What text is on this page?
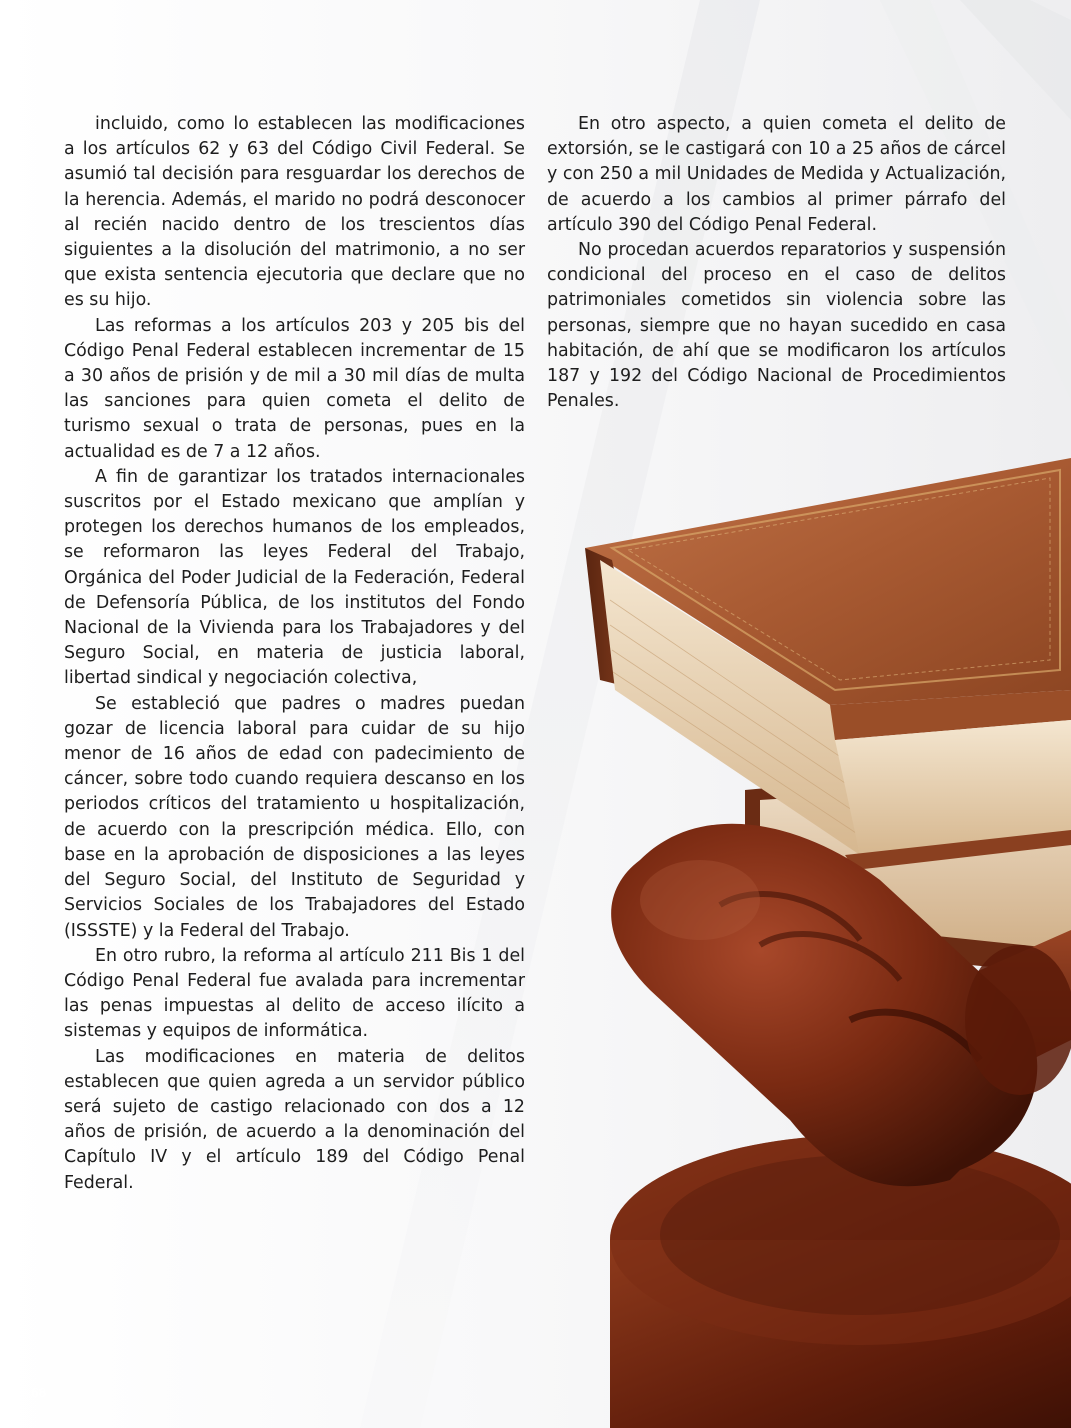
incluido, como lo establecen las modificaciones a los artículos 62 y 63 del Código Civil Federal. Se asumió tal decisión para resguardar los derechos de la herencia. Además, el marido no podrá desconocer al recién nacido dentro de los trescientos días siguientes a la disolución del matrimonio, a no ser que exista sentencia ejecutoria que declare que no es su hijo.

Las reformas a los artículos 203 y 205 bis del Código Penal Federal establecen incrementar de 15 a 30 años de prisión y de mil a 30 mil días de multa las sanciones para quien cometa el delito de turismo sexual o trata de personas, pues en la actualidad es de 7 a 12 años.

A fin de garantizar los tratados internacionales suscritos por el Estado mexicano que amplían y protegen los derechos humanos de los empleados, se reformaron las leyes Federal del Trabajo, Orgánica del Poder Judicial de la Federación, Federal de Defensoría Pública, de los institutos del Fondo Nacional de la Vivienda para los Trabajadores y del Seguro Social, en materia de justicia laboral, libertad sindical y negociación colectiva,

Se estableció que padres o madres puedan gozar de licencia laboral para cuidar de su hijo menor de 16 años de edad con padecimiento de cáncer, sobre todo cuando requiera descanso en los periodos críticos del tratamiento u hospitalización, de acuerdo con la prescripción médica. Ello, con base en la aprobación de disposiciones a las leyes del Seguro Social, del Instituto de Seguridad y Servicios Sociales de los Trabajadores del Estado (ISSSTE) y la Federal del Trabajo.

En otro rubro, la reforma al artículo 211 Bis 1 del Código Penal Federal fue avalada para incrementar las penas impuestas al delito de acceso ilícito a sistemas y equipos de informática.

Las modificaciones en materia de delitos establecen que quien agreda a un servidor público será sujeto de castigo relacionado con dos a 12 años de prisión, de acuerdo a la denominación del Capítulo IV y el artículo 189 del Código Penal Federal.

En otro aspecto, a quien cometa el delito de extorsión, se le castigará con 10 a 25 años de cárcel y con 250 a mil Unidades de Medida y Actualización, de acuerdo a los cambios al primer párrafo del artículo 390 del Código Penal Federal.

No procedan acuerdos reparatorios y suspensión condicional del proceso en el caso de delitos patrimoniales cometidos sin violencia sobre las personas, siempre que no hayan sucedido en casa habitación, de ahí que se modificaron los artículos 187 y 192 del Código Nacional de Procedimientos Penales.

68
